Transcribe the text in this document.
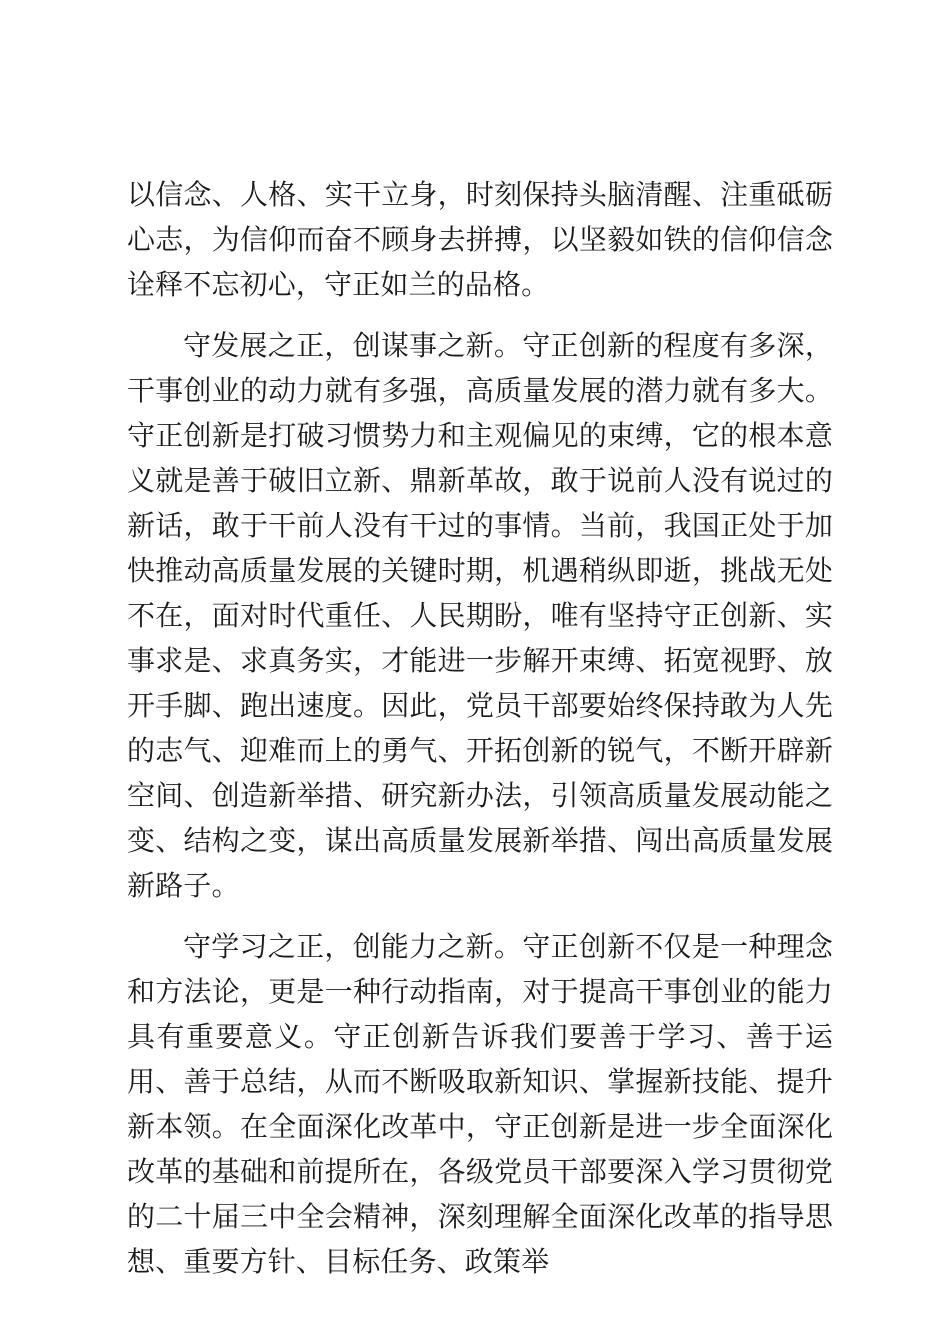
以信念、人格、实干立身，时刻保持头脑清醒、注重砥砺心志，为信仰而奋不顾身去拼搏，以坚毅如铁的信仰信念诠释不忘初心，守正如兰的品格。

守发展之正，创谋事之新。守正创新的程度有多深，干事创业的动力就有多强，高质量发展的潜力就有多大。守正创新是打破习惯势力和主观偏见的束缚，它的根本意义就是善于破旧立新、鼎新革故，敢于说前人没有说过的新话，敢于干前人没有干过的事情。当前，我国正处于加快推动高质量发展的关键时期，机遇稍纵即逝，挑战无处不在，面对时代重任、人民期盼，唯有坚持守正创新、实事求是、求真务实，才能进一步解开束缚、拓宽视野、放开手脚、跑出速度。因此，党员干部要始终保持敢为人先的志气、迎难而上的勇气、开拓创新的锐气，不断开辟新空间、创造新举措、研究新办法，引领高质量发展动能之变、结构之变，谋出高质量发展新举措、闯出高质量发展新路子。

守学习之正，创能力之新。守正创新不仅是一种理念和方法论，更是一种行动指南，对于提高干事创业的能力具有重要意义。守正创新告诉我们要善于学习、善于运用、善于总结，从而不断吸取新知识、掌握新技能、提升新本领。在全面深化改革中，守正创新是进一步全面深化改革的基础和前提所在，各级党员干部要深入学习贯彻党的二十届三中全会精神，深刻理解全面深化改革的指导思想、重要方针、目标任务、政策举
